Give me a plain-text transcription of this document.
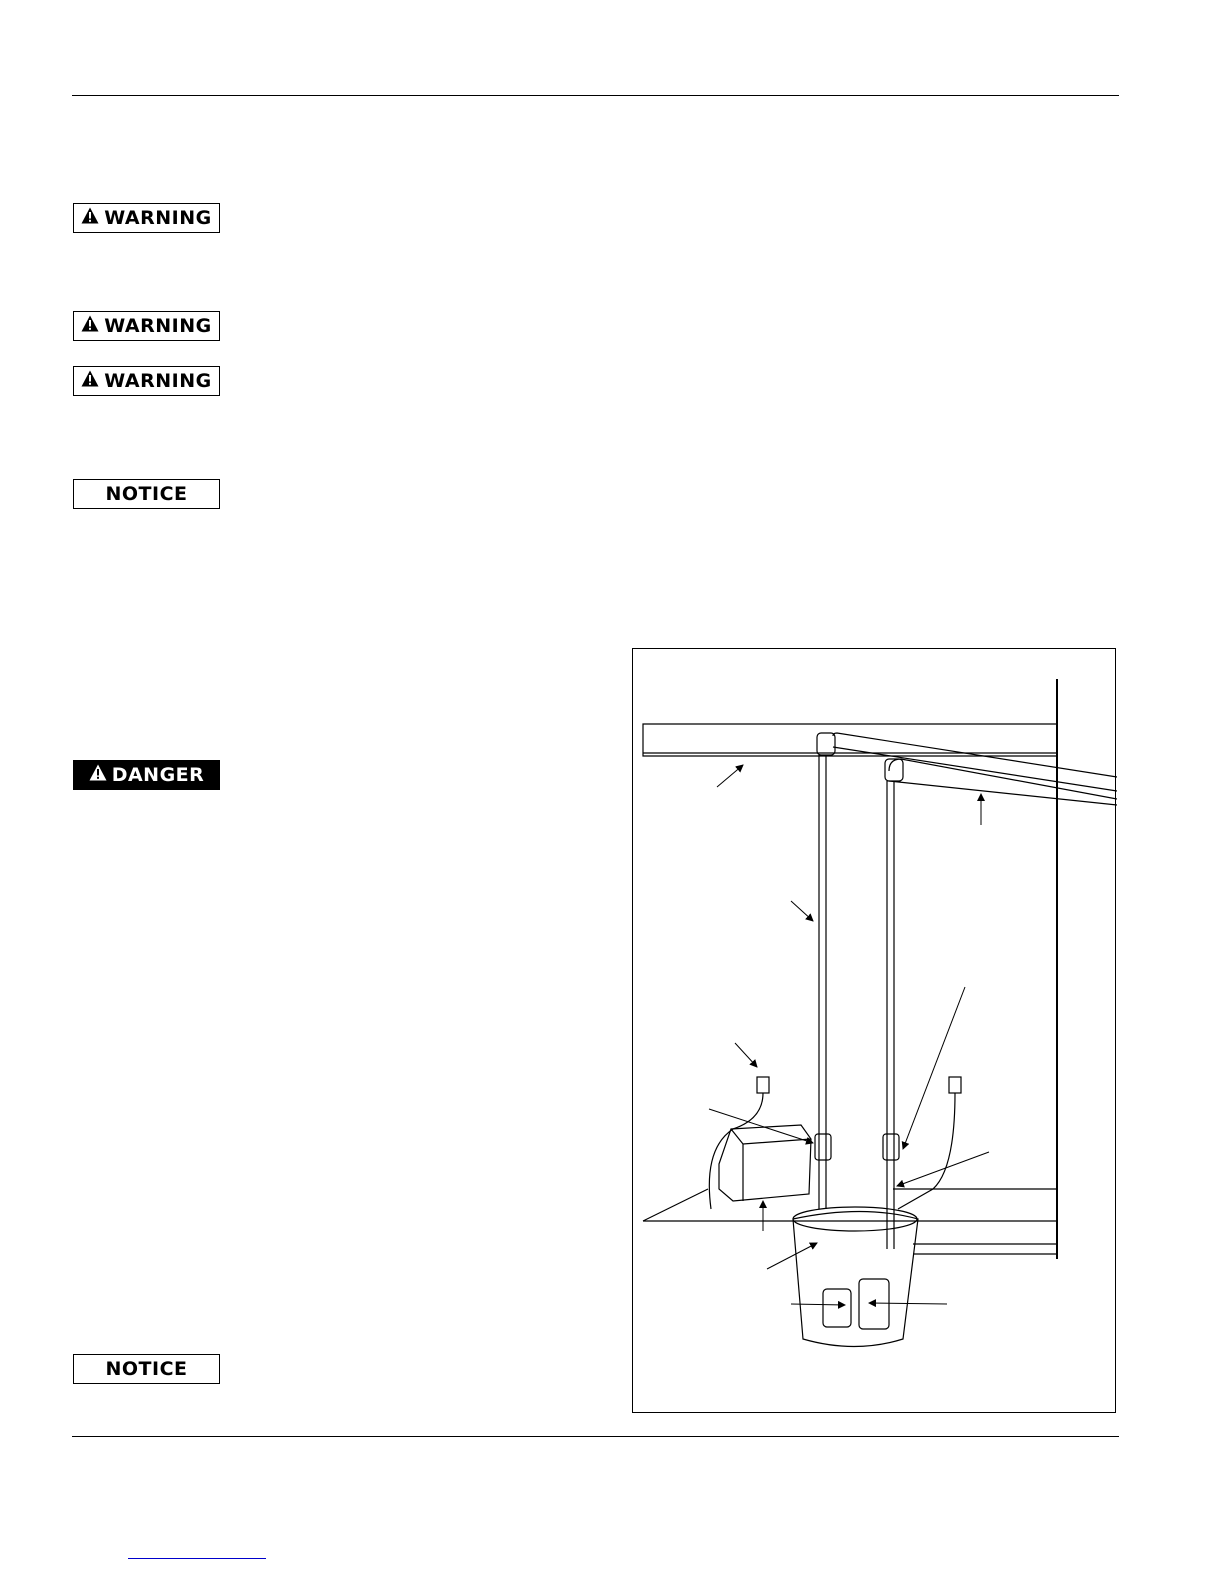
WARNING
WARNING
WARNING
NOTICE
DANGER
NOTICE
